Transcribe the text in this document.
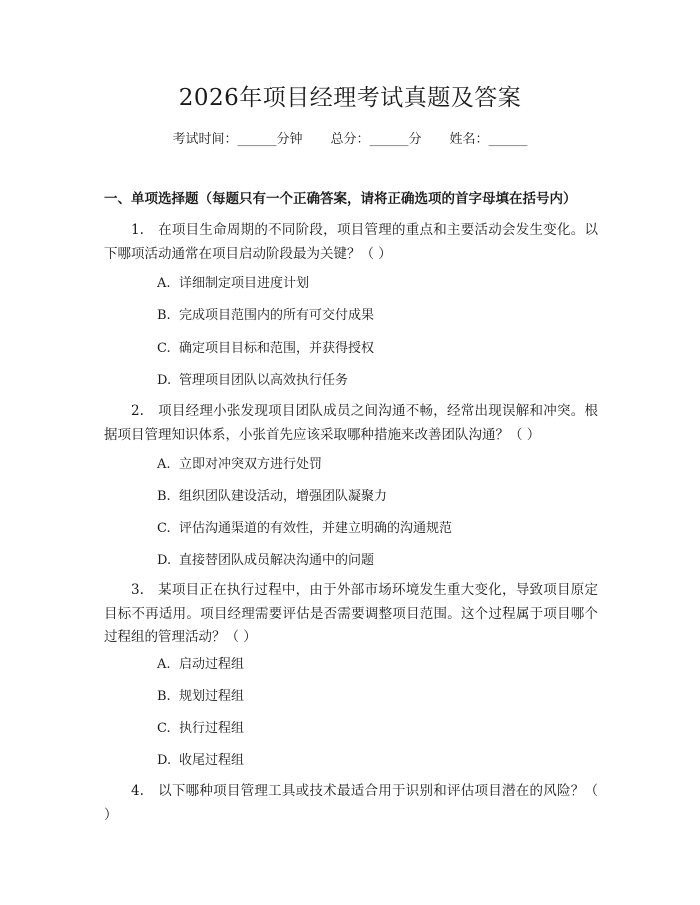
2026年项目经理考试真题及答案
考试时间：______分钟 总分：______分 姓名：______
一、单项选择题（每题只有一个正确答案，请将正确选项的首字母填在括号内）
1. 在项目生命周期的不同阶段，项目管理的重点和主要活动会发生变化。以下哪项活动通常在项目启动阶段最为关键？（ ）
A. 详细制定项目进度计划
B. 完成项目范围内的所有可交付成果
C. 确定项目目标和范围，并获得授权
D. 管理项目团队以高效执行任务
2. 项目经理小张发现项目团队成员之间沟通不畅，经常出现误解和冲突。根据项目管理知识体系，小张首先应该采取哪种措施来改善团队沟通？（ ）
A. 立即对冲突双方进行处罚
B. 组织团队建设活动，增强团队凝聚力
C. 评估沟通渠道的有效性，并建立明确的沟通规范
D. 直接替团队成员解决沟通中的问题
3. 某项目正在执行过程中，由于外部市场环境发生重大变化，导致项目原定目标不再适用。项目经理需要评估是否需要调整项目范围。这个过程属于项目哪个过程组的管理活动？（ ）
A. 启动过程组
B. 规划过程组
C. 执行过程组
D. 收尾过程组
4. 以下哪种项目管理工具或技术最适合用于识别和评估项目潜在的风险？（ ）
